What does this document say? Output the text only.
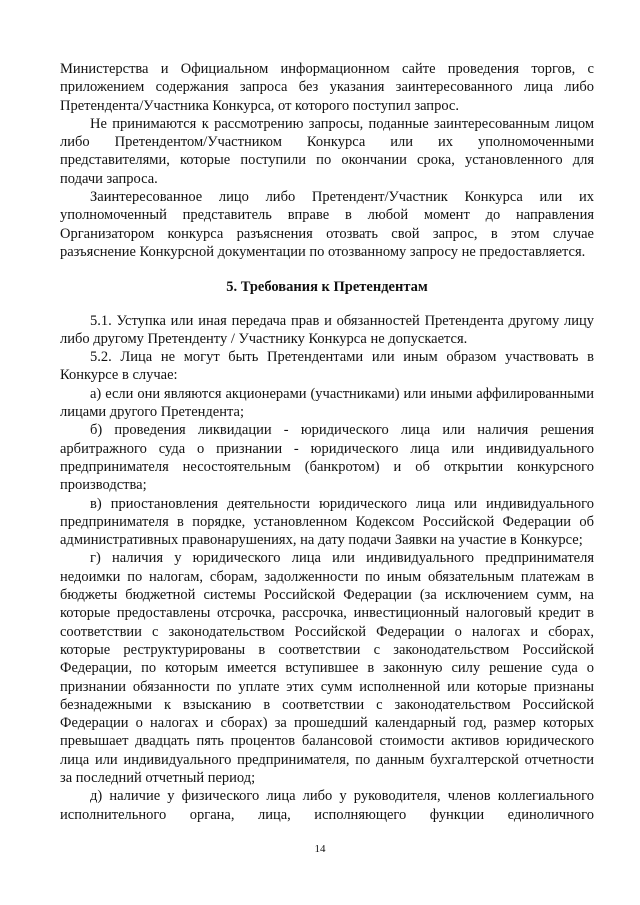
Министерства и Официальном информационном сайте проведения торгов, с приложением содержания запроса без указания заинтересованного лица либо Претендента/Участника Конкурса, от которого поступил запрос.

Не принимаются к рассмотрению запросы, поданные заинтересованным лицом либо Претендентом/Участником Конкурса или их уполномоченными представителями, которые поступили по окончании срока, установленного для подачи запроса.

Заинтересованное лицо либо Претендент/Участник Конкурса или их уполномоченный представитель вправе в любой момент до направления Организатором конкурса разъяснения отозвать свой запрос, в этом случае разъяснение Конкурсной документации по отозванному запросу не предоставляется.

5. Требования к Претендентам

5.1. Уступка или иная передача прав и обязанностей Претендента другому лицу либо другому Претенденту / Участнику Конкурса не допускается.

5.2. Лица не могут быть Претендентами или иным образом участвовать в Конкурсе в случае:

а) если они являются акционерами (участниками) или иными аффилированными лицами другого Претендента;

б) проведения ликвидации - юридического лица или наличия решения арбитражного суда о признании - юридического лица или индивидуального предпринимателя несостоятельным (банкротом) и об открытии конкурсного производства;

в) приостановления деятельности юридического лица или индивидуального предпринимателя в порядке, установленном Кодексом Российской Федерации об административных правонарушениях, на дату подачи Заявки на участие в Конкурсе;

г) наличия у юридического лица или индивидуального предпринимателя недоимки по налогам, сборам, задолженности по иным обязательным платежам в бюджеты бюджетной системы Российской Федерации (за исключением сумм, на которые предоставлены отсрочка, рассрочка, инвестиционный налоговый кредит в соответствии с законодательством Российской Федерации о налогах и сборах, которые реструктурированы в соответствии с законодательством Российской Федерации, по которым имеется вступившее в законную силу решение суда о признании обязанности по уплате этих сумм исполненной или которые признаны безнадежными к взысканию в соответствии с законодательством Российской Федерации о налогах и сборах) за прошедший календарный год, размер которых превышает двадцать пять процентов балансовой стоимости активов юридического лица или индивидуального предпринимателя, по данным бухгалтерской отчетности за последний отчетный период;

д) наличие у физического лица либо у руководителя, членов коллегиального исполнительного органа, лица, исполняющего функции единоличного

14
